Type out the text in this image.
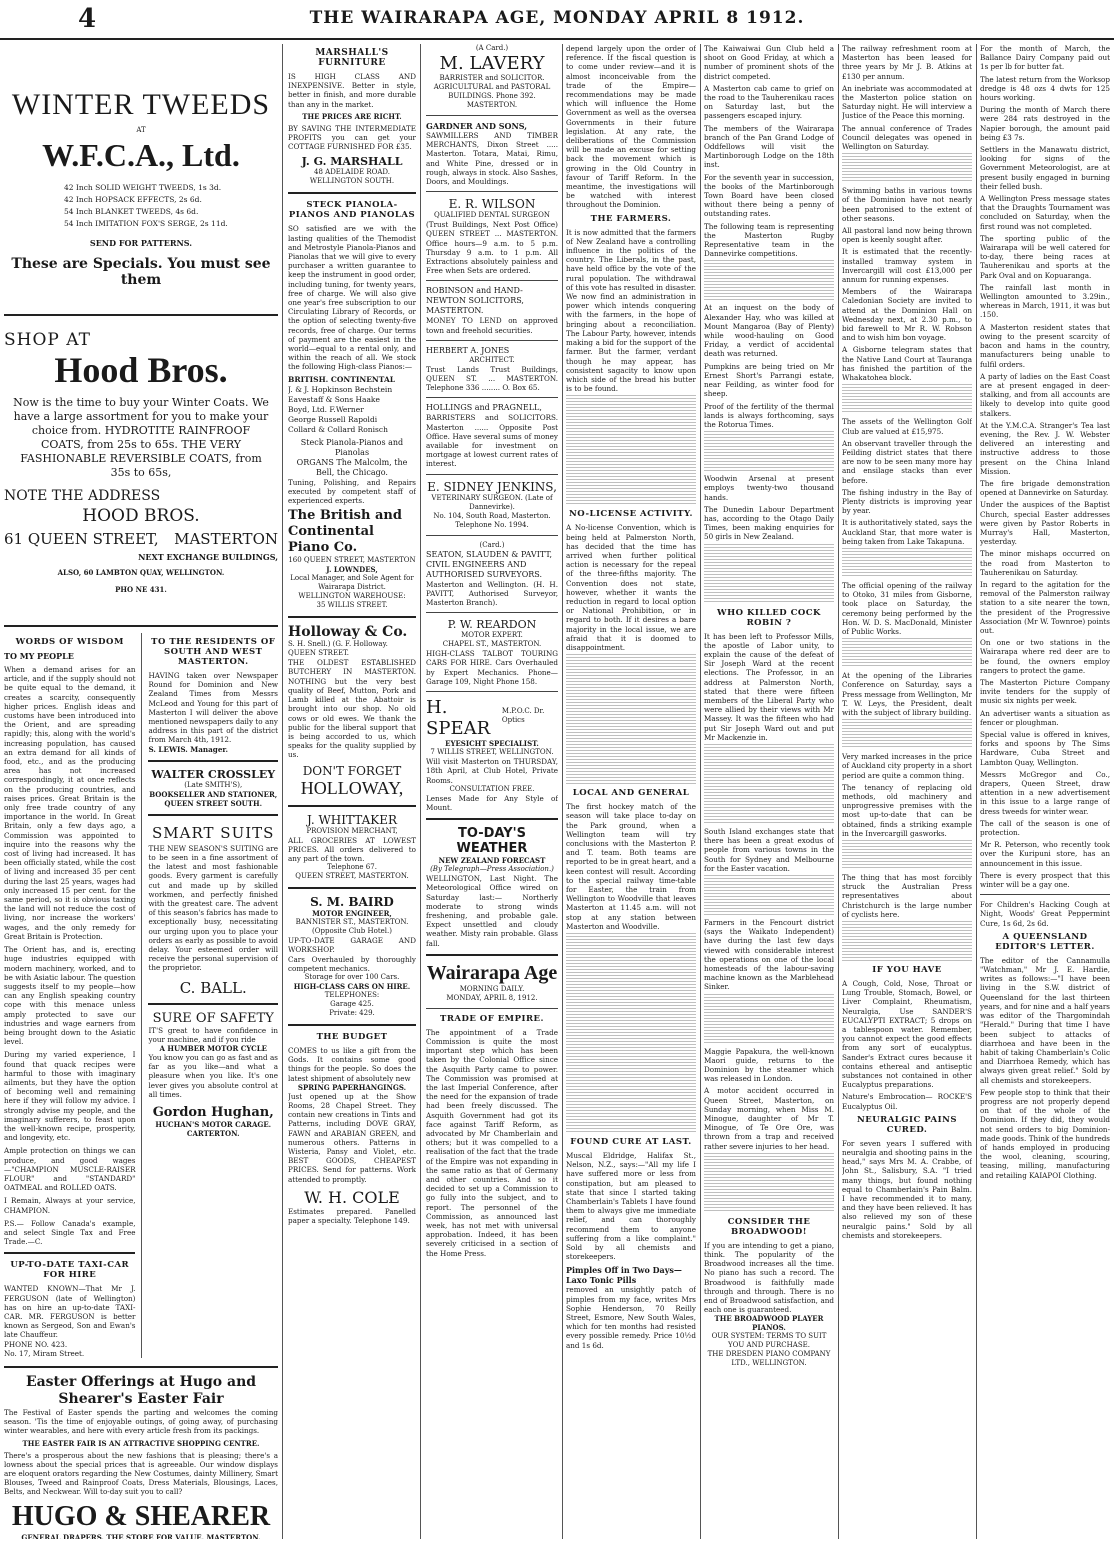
4	THE WAIRARAPA AGE, MONDAY APRIL 8 1912.
WINTER TWEEDS
AT
W.F.C.A., Ltd.
42 Inch SOLID WEIGHT TWEEDS, 1s 3d.
42 Inch HOPSACK EFFECTS, 2s 6d.
54 Inch BLANKET TWEEDS, 4s 6d.
54 Inch IMITATION FOX'S SERGE, 2s 11d.
SEND FOR PATTERNS.
These are Specials. You must see them
SHOP AT
Hood Bros.
Now is the time to buy your Winter Coats. We have a large assortment for you to make your choice from. HYDROTITE RAINFROOF COATS, from 25s to 65s. THE VERY FASHIONABLE REVERSIBLE COATS, from 35s to 65s,
NOTE THE ADDRESS
HOOD BROS.
61 QUEEN STREET, MASTERTON
NEXT EXCHANGE BUILDINGS,
ALSO, 60 LAMBTON QUAY, WELLINGTON.
PHO NE 431.
WORDS OF WISDOM
TO MY PEOPLE
When a demand arises for an article, and if the supply should not be quite equal to the demand, it creates a scarcity, consequently higher prices. English ideas and customs have been introduced into the Orient, and are spreading rapidly; this, along with the world's increasing population, has caused an extra demand for all kinds of food, etc., and as the producing area has not increased correspondingly, it at once reflects on the producing countries, and raises prices. Great Britain is the only free trade country of any importance in the world. In Great Britain, only a few days ago, a Commission was appointed to inquire into the reasons why the cost of living had increased. It has been officially stated, while the cost of living and increased 35 per cent during the last 25 years, wages had only increased 15 per cent. for the same period, so it is obvious taxing the land will not reduce the cost of living, nor increase the workers' wages, and the only remedy for Great Britain is Protection.
The Orient has, and is, erecting huge industries equipped with modern machinery, worked, and to be with Asiatic labour. The question suggests itself to my people—how can any English speaking country cope with this menace unless amply protected to save our industries and wage earners from being brought down to the Asiatic level.
During my varied experience, I found that quack recipes were harmful to those with imaginary ailments, but they have the option of becoming well and remaining here if they will follow my advice. I strongly advise my people, and the imaginary sufferers, to feast upon the well-known recipe, prosperity, and longevity, etc.
Ample protection on things we can produce, and good wages—"CHAMPION MUSCLE-RAISER FLOUR" and "STANDARD" OATMEAL and ROLLED OATS.
I Remain, Always at your service, CHAMPION.
P.S.— Follow Canada's example, and select Single Tax and Free Trade.—C.
UP-TO-DATE TAXI-CAR FOR HIRE
WANTED KNOWN—That Mr J. FERGUSON (late of Wellington) has on hire an up-to-date TAXI-CAR. MR. FERGUSON is better known as Sergeod, Son and Ewan's late Chauffeur.
PHONE NO. 423.
No. 17, Miram Street.
TO THE RESIDENTS OF SOUTH AND WEST MASTERTON.
HAVING taken over Newspaper Round for Dominion and New Zealand Times from Messrs McLeod and Young for this part of Masterton I will deliver the above mentioned newspapers daily to any address in this part of the district from March 4th, 1912.
S. LEWIS. Manager.
WALTER CROSSLEY
(Late SMITH'S),
BOOKSELLER AND STATIONER,
QUEEN STREET SOUTH.
SMART SUITS
THE NEW SEASON'S SUITING are to be seen in a fine assortment of the latest and most fashionable goods. Every garment is carefully cut and made up by skilled workmen, and perfectly finished with the greatest care. The advent of this season's fabrics has made to exceptionally busy, necessitating our urging upon you to place your orders as early as possible to avoid delay. Your esteemed order will receive the personal supervision of the proprietor.
C. BALL.
SURE OF SAFETY
IT'S great to have confidence in your machine, and if you ride
A HUMBER MOTOR CYCLE
You know you can go as fast and as far as you like—and what a pleasure when you like. It's one lever gives you absolute control at all times.
Gordon Hughan,
HUCHAN'S MOTOR CARAGE.
CARTERTON.
Easter Offerings at Hugo and Shearer's Easter Fair
The Festival of Easter spends the parting and welcomes the coming season. 'Tis the time of enjoyable outings, of going away, of purchasing winter wearables, and here with every article fresh from its packings.
THE EASTER FAIR IS AN ATTRACTIVE SHOPPING CENTRE.
There's a prosperous about the new fashions that is pleasing; there's a lowness about the special prices that is agreeable. Our window displays are eloquent orators regarding the New Costumes, dainty Millinery, Smart Blouses, Tweed and Rainproof Coats, Dress Materials, Blousings, Laces, Belts, and Neckwear. Will to-day suit you to call?
HUGO & SHEARER
GENERAL DRAPERS. THE STORE FOR VALUE. MASTERTON.
MARSHALL'S FURNITURE
IS HIGH CLASS AND INEXPENSIVE. Better in style, better in finish, and more durable than any in the market.
THE PRICES ARE RICHT.
BY SAVING THE INTERMEDIATE PROFITS you can get your COTTAGE FURNISHED FOR £35.
J. G. MARSHALL
48 ADELAIDE ROAD.
WELLINGTON SOUTH.
STECK PIANOLA-PIANOS AND PIANOLAS
SO satisfied are we with the lasting qualities of the Themodist and Metrostyle Pianola-Pianos and Pianolas that we will give to every purchaser a written guarantee to keep the instrument in good order, including tuning, for twenty years, free of charge. We will also give one year's free subscription to our Circulating Library of Records, or the option of selecting twenty-five records, free of charge. Our terms of payment are the easiest in the world—equal to a rental only, and within the reach of all. We stock the following High-class Pianos:—
BRITISH. CONTINENTAL
J. & J. Hopkinson Bechstein
Eavestaff & Sons Haake
Boyd, Ltd. F.Werner
George Russell Rapoldi
Collard & Collard Ronisch
Steck Pianola-Pianos and Pianolas
ORGANS The Malcolm, the Bell, the Chicago.
Tuning, Polishing, and Repairs executed by competent staff of experienced experts.
The British and Continental Piano Co.
160 QUEEN STREET, MASTERTON
J. LOWNDES,
Local Manager, and Sole Agent for Wairarapa District.
WELLINGTON WAREHOUSE:
35 WILLIS STREET.
Holloway & Co.
S. H. Snell.) (G. F. Holloway. QUEEN STREET.
THE OLDEST ESTABLISHED BUTCHERY IN MASTERTON. NOTHING but the very best quality of Beef, Mutton, Pork and Lamb killed at the Abattoir is brought into our shop. No old cows or old ewes. We thank the public for the liberal support that is being accorded to us, which speaks for the quality supplied by us.
DON'T FORGET
HOLLOWAY,
J. WHITTAKER
PROVISION MERCHANT,
ALL GROCERIES AT LOWEST PRICES. All orders delivered to any part of the town.
Telephone 67.
QUEEN STREET, MASTERTON.
S. M. BAIRD
MOTOR ENGINEER,
BANNISTER ST., MASTERTON. (Opposite Club Hotel.)
UP-TO-DATE GARAGE AND WORKSHOP.
Cars Overhauled by thoroughly competent mechanics.
Storage for over 100 Cars.
HIGH-CLASS CARS ON HIRE.
TELEPHONES:
Garage 425.
Private: 429.
THE BUDGET
COMES to us like a gift from the Gods. It contains some good things for the people. So does the latest shipment of absolutely new
SPRING PAPERHANGINGS.
Just opened up at the Show Rooms, 28 Chapel Street. They contain new creations in Tints and Patterns, including DOVE GRAY, FAWN and ARABIAN GREEN, and numerous others. Patterns in Wisteria, Pansy and Violet, etc. BEST GOODS, CHEAPEST PRICES. Send for patterns. Work attended to promptly.
W. H. COLE
Estimates prepared. Panelled paper a specialty. Telephone 149.
(A Card.)
M. LAVERY
BARRISTER and SOLICITOR.
AGRICULTURAL and PASTORAL BUILDINGS. Phone 392.
MASTERTON.
GARDNER AND SONS,
SAWMILLERS AND TIMBER MERCHANTS, Dixon Street ..... Masterton. Totara, Matai, Rimu, and White Pine, dressed or in rough, always in stock. Also Sashes, Doors, and Mouldings.
E. R. WILSON
QUALIFIED DENTAL SURGEON
(Trust Buildings, Next Post Office) QUEEN STREET ... MASTERTON. Office hours—9 a.m. to 5 p.m. Thursday 9 a.m. to 1 p.m. All Extractions absolutely painless and Free when Sets are ordered.
ROBINSON and HAND-NEWTON SOLICITORS, MASTERTON.
MONEY TO LEND on approved town and freehold securities.
HERBERT A. JONES
ARCHITECT.
Trust Lands Trust Buildings, QUEEN ST. ... MASTERTON. Telephone 336 ........ O. Box 65.
HOLLINGS and PRAGNELL,
BARRISTERS and SOLICITORS. Masterton ...... Opposite Post Office. Have several sums of money available for investment on mortgage at lowest current rates of interest.
E. SIDNEY JENKINS,
VETERINARY SURGEON. (Late of Dannevirke).
No. 104, South Road, Masterton. Telephone No. 1994.
(Card.)
SEATON, SLAUDEN & PAVITT, CIVIL ENGINEERS AND AUTHORISED SURVEYORS.
Masterton and Wellington. (H. H. PAVITT, Authorised Surveyor, Masterton Branch).
P. W. REARDON
MOTOR EXPERT.
CHAPEL ST., MASTERTON.
HIGH-CLASS TALBOT TOURING CARS FOR HIRE. Cars Overhauled by Expert Mechanics. Phone—Garage 109, Night Phone 158.
H. SPEAR
M.P.O.C. Dr. Optics
EYESICHT SPECIALIST.
7 WILLIS STREET, WELLINGTON.
Will visit Masterton on THURSDAY, 18th April, at Club Hotel, Private Rooms.
CONSULTATION FREE.
Lenses Made for Any Style of Mount.
TO-DAY'S WEATHER
NEW ZEALAND FORECAST
(By Telegraph—Press Association.)
WELLINGTON, Last Night. The Meteorological Office wired on Saturday last:— Northerly moderate to strong winds freshening, and probable gale. Expect unsettled and cloudy weather. Misty rain probable. Glass fall.
Wairarapa Age
MORNING DAILY.
MONDAY, APRIL 8, 1912.
TRADE OF EMPIRE.
The appointment of a Trade Commission is quite the most important step which has been taken by the Colonial Office since the Asquith Party came to power. The Commission was promised at the last Imperial Conference, after the need for the expansion of trade had been freely discussed. The Asquith Government had got its face against Tariff Reform, as advocated by Mr Chamberlain and others; but it was compelled to a realisation of the fact that the trade of the Empire was not expanding in the same ratio as that of Germany and other countries. And so it decided to set up a Commission to go fully into the subject, and to report. The personnel of the Commission, as announced last week, has not met with universal approbation. Indeed, it has been severely criticised in a section of the Home Press.
depend largely upon the order of reference. If the fiscal question is to come under review—and it is almost inconceivable from the trade of the Empire—recommendations may be made which will influence the Home Government as well as the oversea Governments in their future legislation. At any rate, the deliberations of the Commission will be made an excuse for setting back the movement which is growing in the Old Country in favour of Tariff Reform. In the meantime, the investigations will be watched with interest throughout the Dominion.
THE FARMERS.
It is now admitted that the farmers of New Zealand have a controlling influence in the politics of the country. The Liberals, in the past, have held office by the vote of the rural population. The withdrawal of this vote has resulted in disaster. We now find an administration in power which intends conquering with the farmers, in the hope of bringing about a reconciliation. The Labour Party, however, intends making a bid for the support of the farmer. But the farmer, verdant though he may appear, has consistent sagacity to know upon which side of the bread his butter is to be found.
NO-LICENSE ACTIVITY.
A No-license Convention, which is being held at Palmerston North, has decided that the time has arrived when further political action is necessary for the repeal of the three-fifths majority. The Convention does not state, however, whether it wants the reduction in regard to local option or National Prohibition, or in regard to both. If it desires a bare majority in the local issue, we are afraid that it is doomed to disappointment.
LOCAL AND GENERAL
The first hockey match of the season will take place to-day on the Park ground, when a Wellington team will try conclusions with the Masterton P. and T. team. Both teams are reported to be in great heart, and a keen contest will result. According to the special railway time-table for Easter, the train from Wellington to Woodville that leaves Masterton at 11.45 a.m. will not stop at any station between Masterton and Woodville.
FOUND CURE AT LAST.
Muscal Eldridge, Halifax St., Nelson, N.Z., says:—"All my life I have suffered more or less from constipation, but am pleased to state that since I started taking Chamberlain's Tablets I have found them to always give me immediate relief, and can thoroughly recommend them to anyone suffering from a like complaint." Sold by all chemists and storekeepers.
Pimples Off in Two Days—Laxo Tonic Pills
removed an unsightly patch of pimples from my face, writes Mrs Sophie Henderson, 70 Reilly Street, Esmore, New South Wales, which for ten months had resisted every possible remedy. Price 10½d and 1s 6d.
The Kaiwaiwai Gun Club held a shoot on Good Friday, at which a number of prominent shots of the district competed.
A Masterton cab came to grief on the road to the Tauherenikau races on Saturday last, but the passengers escaped injury.
The members of the Wairarapa branch of the Pan Grand Lodge of Oddfellows will visit the Martinborough Lodge on the 18th inst.
For the seventh year in succession, the books of the Martinborough Town Board have been closed without there being a penny of outstanding rates.
The following team is representing the Masterton Rugby Representative team in the Dannevirke competitions.
At an inquest on the body of Alexander Hay, who was killed at Mount Mangaroa (Bay of Plenty) while wood-hauling on Good Friday, a verdict of accidental death was returned.
Pumpkins are being tried on Mr Ernest Short's Parrangi estate, near Feilding, as winter food for sheep.
Proof of the fertility of the thermal lands is always forthcoming, says the Rotorua Times.
Woodwin Arsenal at present employs twenty-two thousand hands.
The Dunedin Labour Department has, according to the Otago Daily Times, been making enquiries for 50 girls in New Zealand.
WHO KILLED COCK ROBIN ?
It has been left to Professor Mills, the apostle of Labor unity, to explain the cause of the defeat of Sir Joseph Ward at the recent elections. The Professor, in an address at Palmerston North, stated that there were fifteen members of the Liberal Party who were allied by their views with Mr Massey. It was the fifteen who had put Sir Joseph Ward out and put Mr Mackenzie in.
South Island exchanges state that there has been a great exodus of people from various towns in the South for Sydney and Melbourne for the Easter vacation.
Farmers in the Fencourt district (says the Waikato Independent) have during the last few days viewed with considerable interest the operations on one of the local homesteads of the labour-saving machine known as the Marblehead Sinker.
Maggie Papakura, the well-known Maori guide, returns to the Dominion by the steamer which was released in London.
A motor accident occurred in Queen Street, Masterton, on Sunday morning, when Miss M. Minogue, daughter of Mr T. Minogue, of Te Ore Ore, was thrown from a trap and received rather severe injuries to her head.
CONSIDER THE BROADWOOD!
If you are intending to get a piano, think. The popularity of the Broadwood increases all the time. No piano has such a record. The Broadwood is faithfully made through and through. There is no end of Broadwood satisfaction, and each one is guaranteed.
THE BROADWOOD PLAYER PIANOS.
OUR SYSTEM: TERMS TO SUIT YOU AND PURCHASE.
THE DRESDEN PIANO COMPANY LTD., WELLINGTON.
The railway refreshment room at Masterton has been leased for three years by Mr J. B. Atkins at £130 per annum.
An inebriate was accommodated at the Masterton police station on Saturday night. He will interview a Justice of the Peace this morning.
The annual conference of Trades Council delegates was opened in Wellington on Saturday.
Swimming baths in various towns of the Dominion have not nearly been patronised to the extent of other seasons.
All pastoral land now being thrown open is keenly sought after.
It is estimated that the recently-installed tramway system in Invercargill will cost £13,000 per annum for running expenses.
Members of the Wairarapa Caledonian Society are invited to attend at the Dominion Hall on Wednesday next, at 2.30 p.m., to bid farewell to Mr R. W. Robson and to wish him bon voyage.
A Gisborne telegram states that the Native Land Court at Tauranga has finished the partition of the Whakatohea block.
The assets of the Wellington Golf Club are valued at £15,975.
An observant traveller through the Feilding district states that there are now to be seen many more hay and ensilage stacks than ever before.
The fishing industry in the Bay of Plenty districts is improving year by year.
It is authoritatively stated, says the Auckland Star, that more water is being taken from Lake Takapuna.
The official opening of the railway to Otoko, 31 miles from Gisborne, took place on Saturday, the ceremony being performed by the Hon. W. D. S. MacDonald, Minister of Public Works.
At the opening of the Libraries Conference on Saturday, says a Press message from Wellington, Mr T. W. Leys, the President, dealt with the subject of library building.
Very marked increases in the price of Auckland city property in a short period are quite a common thing.
The tenancy of replacing old methods, old machinery and unprogressive premises with the most up-to-date that can be obtained, finds a striking example in the Invercargill gasworks.
The thing that has most forcibly struck the Australian Press representatives about Christchurch is the large number of cyclists here.
IF YOU HAVE
A Cough, Cold, Nose, Throat or Lung Trouble, Stomach, Bowel, or Liver Complaint, Rheumatism, Neuralgia, Use SANDER'S EUCALYPTI EXTRACT; 5 drops on a tablespoon water. Remember, you cannot expect the good effects from any sort of eucalyptus. Sander's Extract cures because it contains ethereal and antiseptic substances not contained in other Eucalyptus preparations.
Nature's Embrocation— ROCKE'S Eucalyptus Oil.
NEURALGIC PAINS CURED.
For seven years I suffered with neuralgia and shooting pains in the head," says Mrs M. A. Crabbe, of John St., Salisbury, S.A. "I tried many things, but found nothing equal to Chamberlain's Pain Balm. I have recommended it to many, and they have been relieved. It has also relieved my son of these neuralgic pains." Sold by all chemists and storekeepers.
For the month of March, the Ballance Dairy Company paid out 1s per lb for butter fat.
The latest return from the Worksop dredge is 48 ozs 4 dwts for 125 hours working.
During the month of March there were 284 rats destroyed in the Napier borough, the amount paid being £3 7s.
Settlers in the Manawatu district, looking for signs of the Government Meteorologist, are at present busily engaged in burning their felled bush.
A Wellington Press message states that the Draughts Tournament was concluded on Saturday, when the first round was not completed.
The sporting public of the Wairarapa will be well catered for to-day, there being races at Tauherenikau and sports at the Park Oval and on Kopuaranga.
The rainfall last month in Wellington amounted to 3.29in., whereas in March, 1911, it was but .150.
A Masterton resident states that owing to the present scarcity of bacon and hams in the country, manufacturers being unable to fulfil orders.
A party of ladies on the East Coast are at present engaged in deer-stalking, and from all accounts are likely to develop into quite good stalkers.
At the Y.M.C.A. Stranger's Tea last evening, the Rev. J. W. Webster delivered an interesting and instructive address to those present on the China Inland Mission.
The fire brigade demonstration opened at Dannevirke on Saturday.
Under the auspices of the Baptist Church, special Easter addresses were given by Pastor Roberts in Murray's Hall, Masterton, yesterday.
The minor mishaps occurred on the road from Masterton to Tauherenikau on Saturday.
In regard to the agitation for the removal of the Palmerston railway station to a site nearer the town, the president of the Progressive Association (Mr W. Townroe) points out.
On one or two stations in the Wairarapa where red deer are to be found, the owners employ rangers to protect the game.
The Masterton Picture Company invite tenders for the supply of music six nights per week.
An advertiser wants a situation as fencer or ploughman.
Special value is offered in knives, forks and spoons by The Sims Hardware, Cuba Street and Lambton Quay, Wellington.
Messrs McGregor and Co., drapers, Queen Street, draw attention in a new advertisement in this issue to a large range of dress tweeds for winter wear.
The call of the season is one of protection.
Mr R. Peterson, who recently took over the Kuripuni store, has an announcement in this issue.
There is every prospect that this winter will be a gay one.
For Children's Hacking Cough at Night, Woods' Great Peppermint Cure, 1s 6d, 2s 6d.
A QUEENSLAND EDITOR'S LETTER.
The editor of the Cannamulla "Watchman," Mr J. E. Hardie, writes as follows:—"I have been living in the S.W. district of Queensland for the last thirteen years, and for nine and a half years was editor of the Thargomindah "Herald." During that time I have been subject to attacks of diarrhoea and have been in the habit of taking Chamberlain's Colic and Diarrhoea Remedy, which has always given great relief." Sold by all chemists and storekeepers.
Few people stop to think that their progress are not properly depend on that of the whole of the Dominion. If they did, they would not send orders to big Dominion-made goods. Think of the hundreds of hands employed in producing the wool, cleaning, scouring, teasing, milling, manufacturing and retailing KAIAPOI Clothing.
